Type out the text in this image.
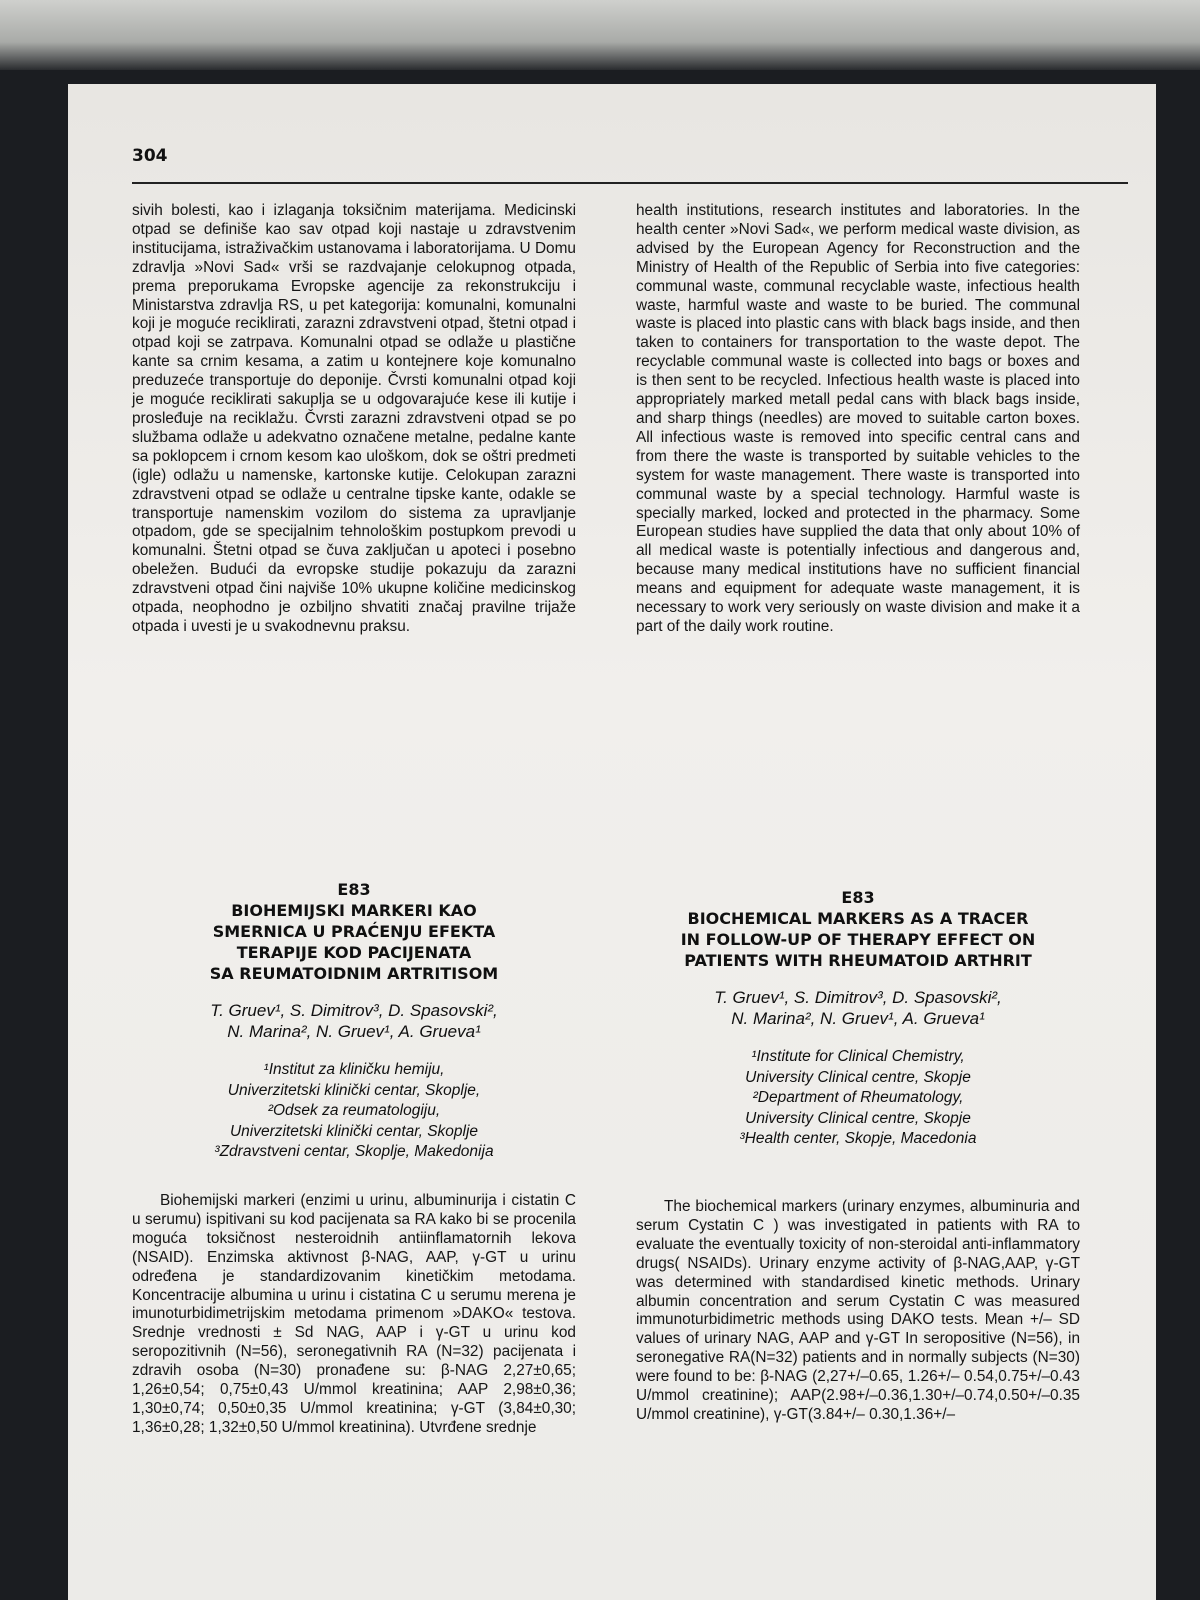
304
sivih bolesti, kao i izlaganja toksičnim materijama. Medicinski otpad se definiše kao sav otpad koji nastaje u zdravstvenim institucijama, istraživačkim ustanovama i laboratorijama. U Domu zdravlja »Novi Sad« vrši se razdvajanje celokupnog otpada, prema preporukama Evropske agencije za rekonstrukciju i Ministarstva zdravlja RS, u pet kategorija: komunalni, komunalni koji je moguće reciklirati, zarazni zdravstveni otpad, štetni otpad i otpad koji se zatrpava. Komunalni otpad se odlaže u plastične kante sa crnim kesama, a zatim u kontejnere koje komunalno preduzeće transportuje do deponije. Čvrsti komunalni otpad koji je moguće reciklirati sakuplja se u odgovarajuće kese ili kutije i prosleđuje na reciklažu. Čvrsti zarazni zdravstveni otpad se po službama odlaže u adekvatno označene metalne, pedalne kante sa poklopcem i crnom kesom kao uloškom, dok se oštri predmeti (igle) odlažu u namenske, kartonske kutije. Celokupan zarazni zdravstveni otpad se odlaže u centralne tipske kante, odakle se transportuje namenskim vozilom do sistema za upravljanje otpadom, gde se specijalnim tehnološkim postupkom prevodi u komunalni. Štetni otpad se čuva zaključan u apoteci i posebno obeležen. Budući da evropske studije pokazuju da zarazni zdravstveni otpad čini najviše 10% ukupne količine medicinskog otpada, neophodno je ozbiljno shvatiti značaj pravilne trijaže otpada i uvesti je u svakodnevnu praksu.
health institutions, research institutes and laboratories. In the health center »Novi Sad«, we perform medical waste division, as advised by the European Agency for Reconstruction and the Ministry of Health of the Republic of Serbia into five categories: communal waste, communal recyclable waste, infectious health waste, harmful waste and waste to be buried. The communal waste is placed into plastic cans with black bags inside, and then taken to containers for transportation to the waste depot. The recyclable communal waste is collected into bags or boxes and is then sent to be recycled. Infectious health waste is placed into appropriately marked metall pedal cans with black bags inside, and sharp things (needles) are moved to suitable carton boxes. All infectious waste is removed into specific central cans and from there the waste is transported by suitable vehicles to the system for waste management. There waste is transported into communal waste by a special technology. Harmful waste is specially marked, locked and protected in the pharmacy. Some European studies have supplied the data that only about 10% of all medical waste is potentially infectious and dangerous and, because many medical institutions have no sufficient financial means and equipment for adequate waste management, it is necessary to work very seriously on waste division and make it a part of the daily work routine.
E83
BIOHEMIJSKI MARKERI KAO
SMERNICA U PRAĆENJU EFEKTA
TERAPIJE KOD PACIJENATA
SA REUMATOIDNIM ARTRITISOM
T. Gruev¹, S. Dimitrov³, D. Spasovski²,
N. Marina², N. Gruev¹, A. Grueva¹
¹Institut za kliničku hemiju,
Univerzitetski klinički centar, Skoplje,
²Odsek za reumatologiju,
Univerzitetski klinički centar, Skoplje
³Zdravstveni centar, Skoplje, Makedonija
E83
BIOCHEMICAL MARKERS AS A TRACER
IN FOLLOW-UP OF THERAPY EFFECT ON
PATIENTS WITH RHEUMATOID ARTHRIT
T. Gruev¹, S. Dimitrov³, D. Spasovski²,
N. Marina², N. Gruev¹, A. Grueva¹
¹Institute for Clinical Chemistry,
University Clinical centre, Skopje
²Department of Rheumatology,
University Clinical centre, Skopje
³Health center, Skopje, Macedonia
Biohemijski markeri (enzimi u urinu, albuminurija i cistatin C u serumu) ispitivani su kod pacijenata sa RA kako bi se procenila moguća toksičnost nesteroidnih antiinflamatornih lekova (NSAID). Enzimska aktivnost β-NAG, AAP, γ-GT u urinu određena je standardizovanim kinetičkim metodama. Koncentracije albumina u urinu i cistatina C u serumu merena je imunoturbidimetrijskim metodama primenom »DAKO« testova. Srednje vrednosti ± Sd NAG, AAP i γ-GT u urinu kod seropozitivnih (N=56), seronegativnih RA (N=32) pacijenata i zdravih osoba (N=30) pronađene su: β-NAG 2,27±0,65; 1,26±0,54; 0,75±0,43 U/mmol kreatinina; AAP 2,98±0,36; 1,30±0,74; 0,50±0,35 U/mmol kreatinina; γ-GT (3,84±0,30; 1,36±0,28; 1,32±0,50 U/mmol kreatinina). Utvrđene srednje
The biochemical markers (urinary enzymes, albuminuria and serum Cystatin C ) was investigated in patients with RA to evaluate the eventually toxicity of non-steroidal anti-inflammatory drugs( NSAIDs). Urinary enzyme activity of β-NAG,AAP, γ-GT was determined with standardised kinetic methods. Urinary albumin concentration and serum Cystatin C was measured immunoturbidimetric methods using DAKO tests. Mean +/– SD values of urinary NAG, AAP and γ-GT In seropositive (N=56), in seronegative RA(N=32) patients and in normally subjects (N=30) were found to be: β-NAG (2,27+/–0.65, 1.26+/– 0.54,0.75+/–0.43 U/mmol creatinine); AAP(2.98+/–0.36,1.30+/–0.74,0.50+/–0.35 U/mmol creatinine), γ-GT(3.84+/– 0.30,1.36+/–
